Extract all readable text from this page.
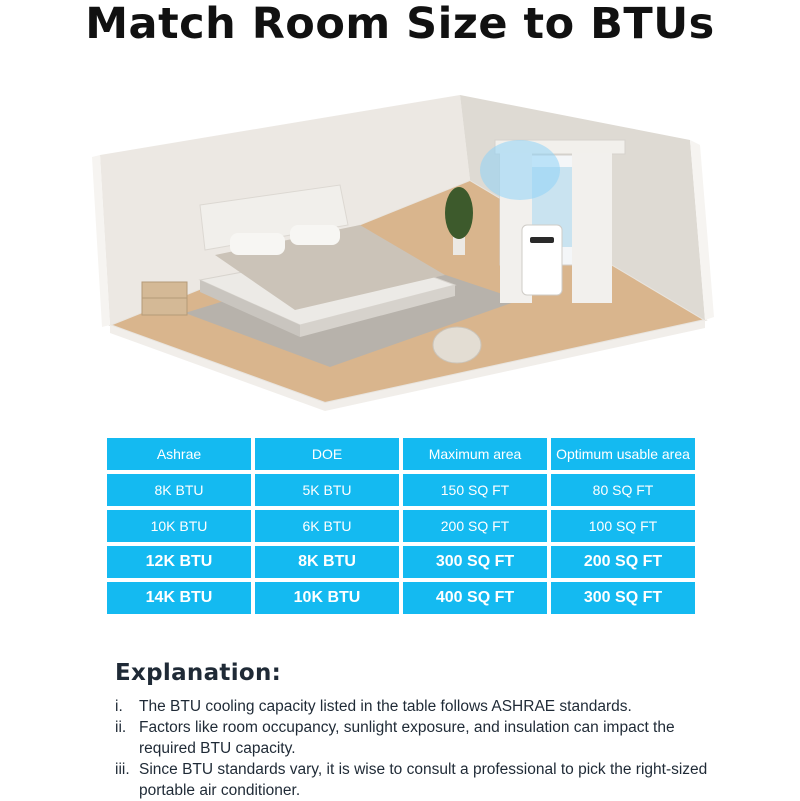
Match Room Size to BTUs
Ashrae	DOE	Maximum area	Optimum usable area
8K BTU	5K BTU	150 SQ FT	80 SQ FT
10K BTU	6K BTU	200 SQ FT	100 SQ FT
12K BTU	8K BTU	300 SQ FT	200 SQ FT
14K BTU	10K BTU	400 SQ FT	300 SQ FT
Explanation:
i.	The BTU cooling capacity listed in the table follows ASHRAE standards.
ii. Factors like room occupancy, sunlight exposure, and insulation can impact the required BTU capacity.
iii. Since BTU standards vary, it is wise to consult a professional to pick the right-sized portable air conditioner.
